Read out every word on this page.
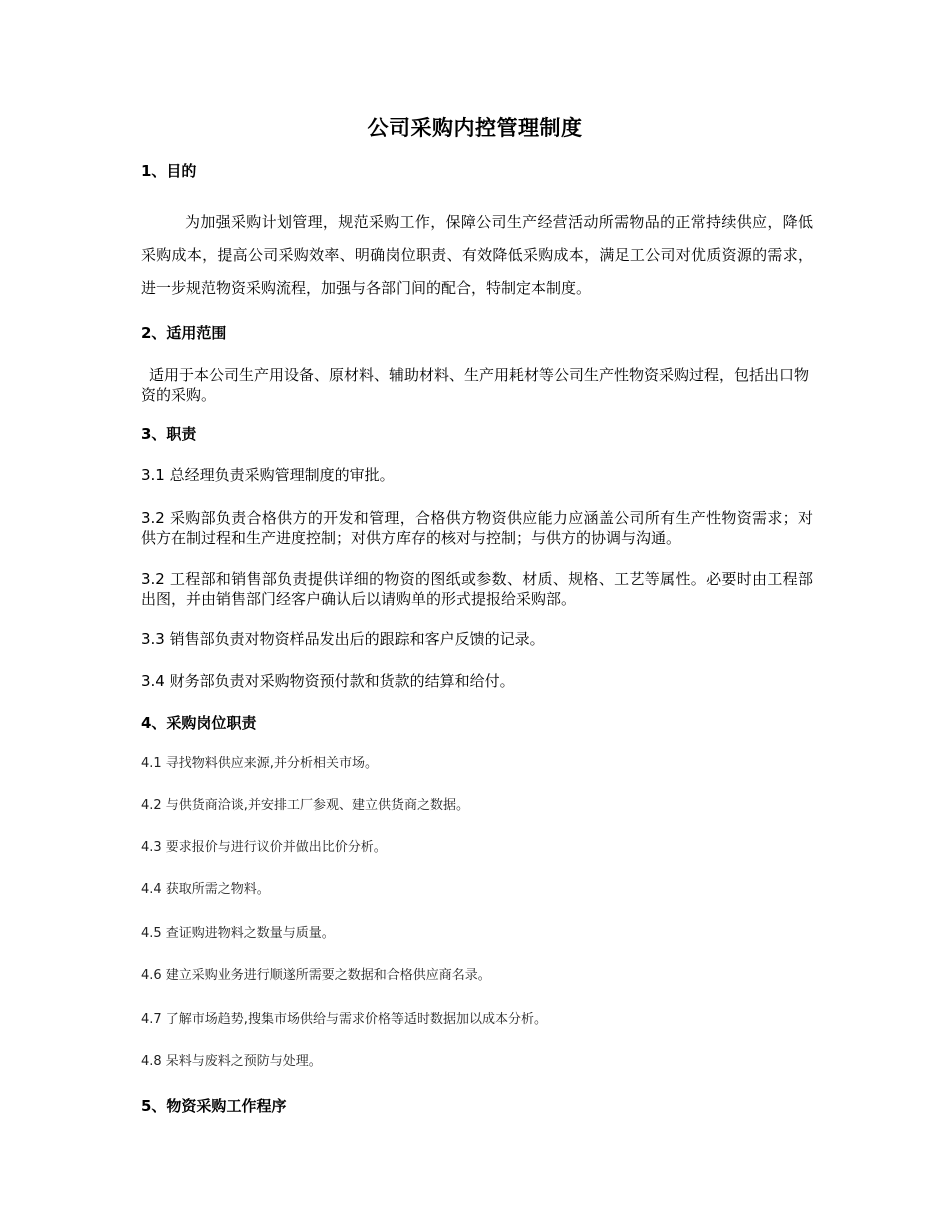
公司采购内控管理制度
1、目的

为加强采购计划管理，规范采购工作，保障公司生产经营活动所需物品的正常持续供应，降低采购成本，提高公司采购效率、明确岗位职责、有效降低采购成本，满足工公司对优质资源的需求，进一步规范物资采购流程，加强与各部门间的配合，特制定本制度。

2、适用范围

适用于本公司生产用设备、原材料、辅助材料、生产用耗材等公司生产性物资采购过程，包括出口物资的采购。

3、职责

3.1 总经理负责采购管理制度的审批。

3.2 采购部负责合格供方的开发和管理，合格供方物资供应能力应涵盖公司所有生产性物资需求；对供方在制过程和生产进度控制；对供方库存的核对与控制；与供方的协调与沟通。

3.2 工程部和销售部负责提供详细的物资的图纸或参数、材质、规格、工艺等属性。必要时由工程部出图，并由销售部门经客户确认后以请购单的形式提报给采购部。

3.3 销售部负责对物资样品发出后的跟踪和客户反馈的记录。

3.4 财务部负责对采购物资预付款和货款的结算和给付。

4、采购岗位职责

4.1 寻找物料供应来源,并分析相关市场。

4.2 与供货商洽谈,并安排工厂参观、建立供货商之数据。

4.3 要求报价与进行议价并做出比价分析。

4.4 获取所需之物料。

4.5 查证购进物料之数量与质量。

4.6 建立采购业务进行顺遂所需要之数据和合格供应商名录。

4.7 了解市场趋势,搜集市场供给与需求价格等适时数据加以成本分析。

4.8 呆料与废料之预防与处理。

5、物资采购工作程序
